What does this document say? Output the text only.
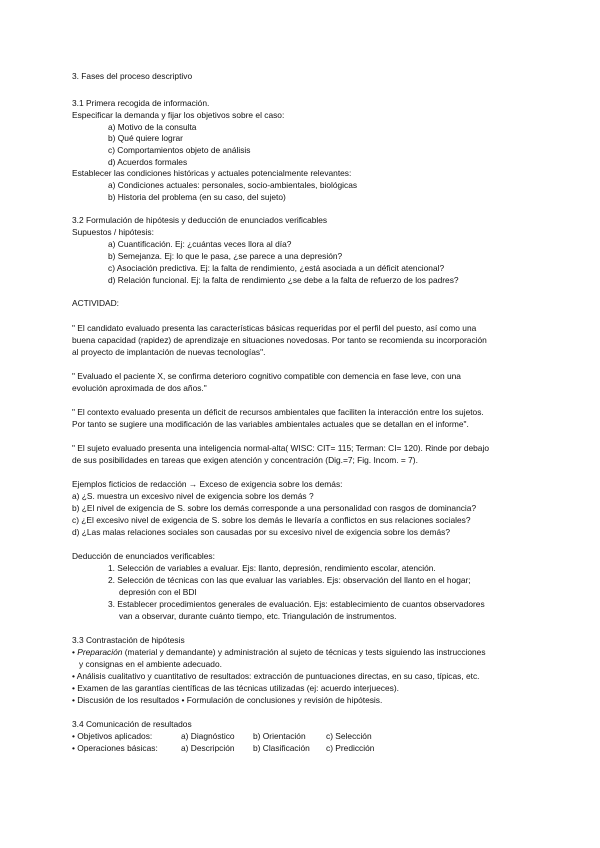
3. Fases del proceso descriptivo
3.1 Primera recogida de información.
Especificar la demanda y fijar los objetivos sobre el caso:
a) Motivo de la consulta
b) Qué quiere lograr
c) Comportamientos objeto de análisis
d) Acuerdos formales
Establecer las condiciones históricas y actuales potencialmente relevantes:
a) Condiciones actuales: personales, socio-ambientales, biológicas
b) Historia del problema (en su caso, del sujeto)
3.2 Formulación de hipótesis y deducción de enunciados verificables
Supuestos / hipótesis:
a) Cuantificación. Ej: ¿cuántas veces llora al día?
b) Semejanza. Ej: lo que le pasa, ¿se parece a una depresión?
c) Asociación predictiva. Ej: la falta de rendimiento, ¿está asociada a un déficit atencional?
d) Relación funcional. Ej: la falta de rendimiento ¿se debe a la falta de refuerzo de los padres?
ACTIVIDAD:
" El candidato evaluado presenta las características básicas requeridas por el perfil del puesto, así como una
buena capacidad (rapidez) de aprendizaje en situaciones novedosas. Por tanto se recomienda su incorporación
al proyecto de implantación de nuevas tecnologías".
" Evaluado el paciente X, se confirma deterioro cognitivo compatible con demencia en fase leve, con una
evolución aproximada de dos años."
" El contexto evaluado presenta un déficit de recursos ambientales que faciliten la interacción entre los sujetos.
Por tanto se sugiere una modificación de las variables ambientales actuales que se detallan en el informe".
" El sujeto evaluado presenta una inteligencia normal-alta( WISC: CIT= 115; Terman: CI= 120). Rinde por debajo
de sus posibilidades en tareas que exigen atención y concentración (Dig.=7; Fig. Incom. = 7).
Ejemplos ficticios de redacción → Exceso de exigencia sobre los demás:
a) ¿S. muestra un excesivo nivel de exigencia sobre los demás ?
b) ¿El nivel de exigencia de S. sobre los demás corresponde a una personalidad con rasgos de dominancia?
c) ¿El excesivo nivel de exigencia de S. sobre los demás le llevaría a conflictos en sus relaciones sociales?
d) ¿Las malas relaciones sociales son causadas por su excesivo nivel de exigencia sobre los demás?
Deducción de enunciados verificables:
1. Selección de variables a evaluar. Ejs: llanto, depresión, rendimiento escolar, atención.
2. Selección de técnicas con las que evaluar las variables. Ejs: observación del llanto en el hogar;
depresión con el BDI
3. Establecer procedimientos generales de evaluación. Ejs: establecimiento de cuantos observadores
van a observar, durante cuánto tiempo, etc. Triangulación de instrumentos.
3.3 Contrastación de hipótesis
• Preparación (material y demandante) y administración al sujeto de técnicas y tests siguiendo las instrucciones
y consignas en el ambiente adecuado.
• Análisis cualitativo y cuantitativo de resultados: extracción de puntuaciones directas, en su caso, típicas, etc.
• Examen de las garantías científicas de las técnicas utilizadas (ej: acuerdo interjueces).
• Discusión de los resultados • Formulación de conclusiones y revisión de hipótesis.
3.4 Comunicación de resultados
• Objetivos aplicados:	a) Diagnóstico b) Orientación c) Selección
• Operaciones básicas:	a) Descripción b) Clasificación c) Predicción
